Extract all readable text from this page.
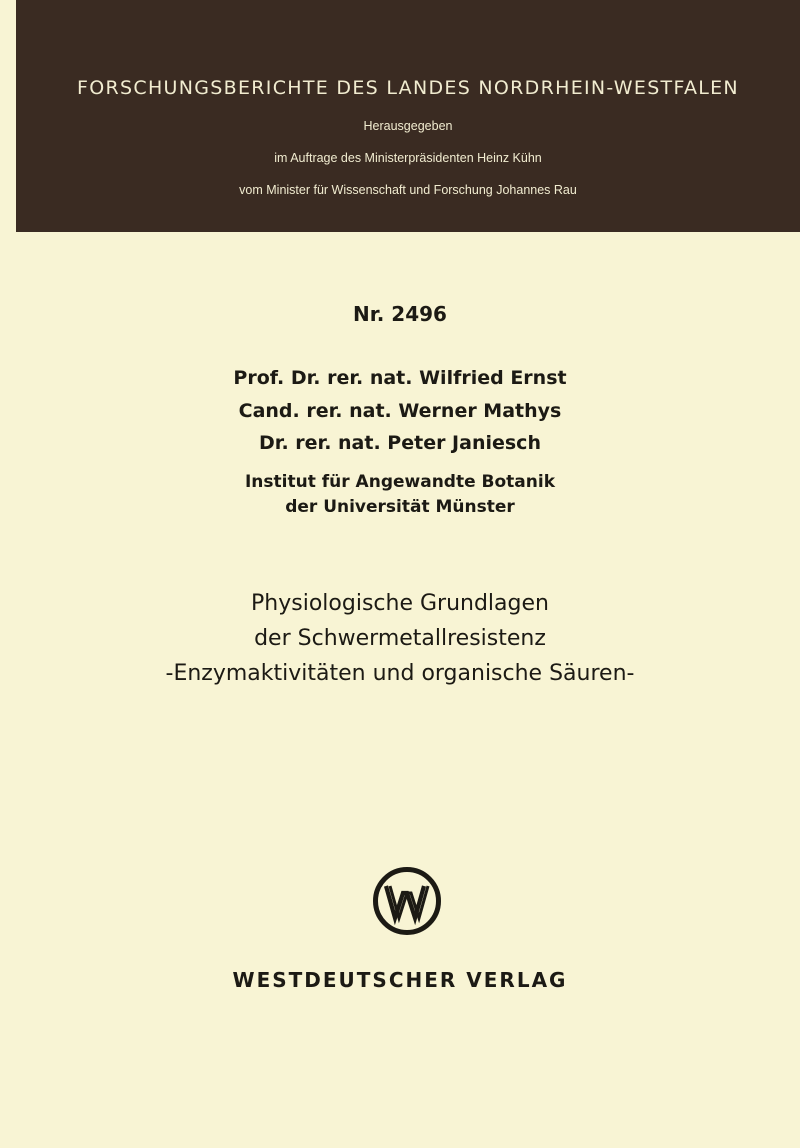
FORSCHUNGSBERICHTE DES LANDES NORDRHEIN-WESTFALEN
Herausgegeben
im Auftrage des Ministerpräsidenten Heinz Kühn
vom Minister für Wissenschaft und Forschung Johannes Rau
Nr. 2496
Prof. Dr. rer. nat. Wilfried Ernst
Cand. rer. nat. Werner Mathys
Dr. rer. nat. Peter Janiesch
Institut für Angewandte Botanik
der Universität Münster
Physiologische Grundlagen
der Schwermetallresistenz
-Enzymaktivitäten und organische Säuren-
WESTDEUTSCHER VERLAG
